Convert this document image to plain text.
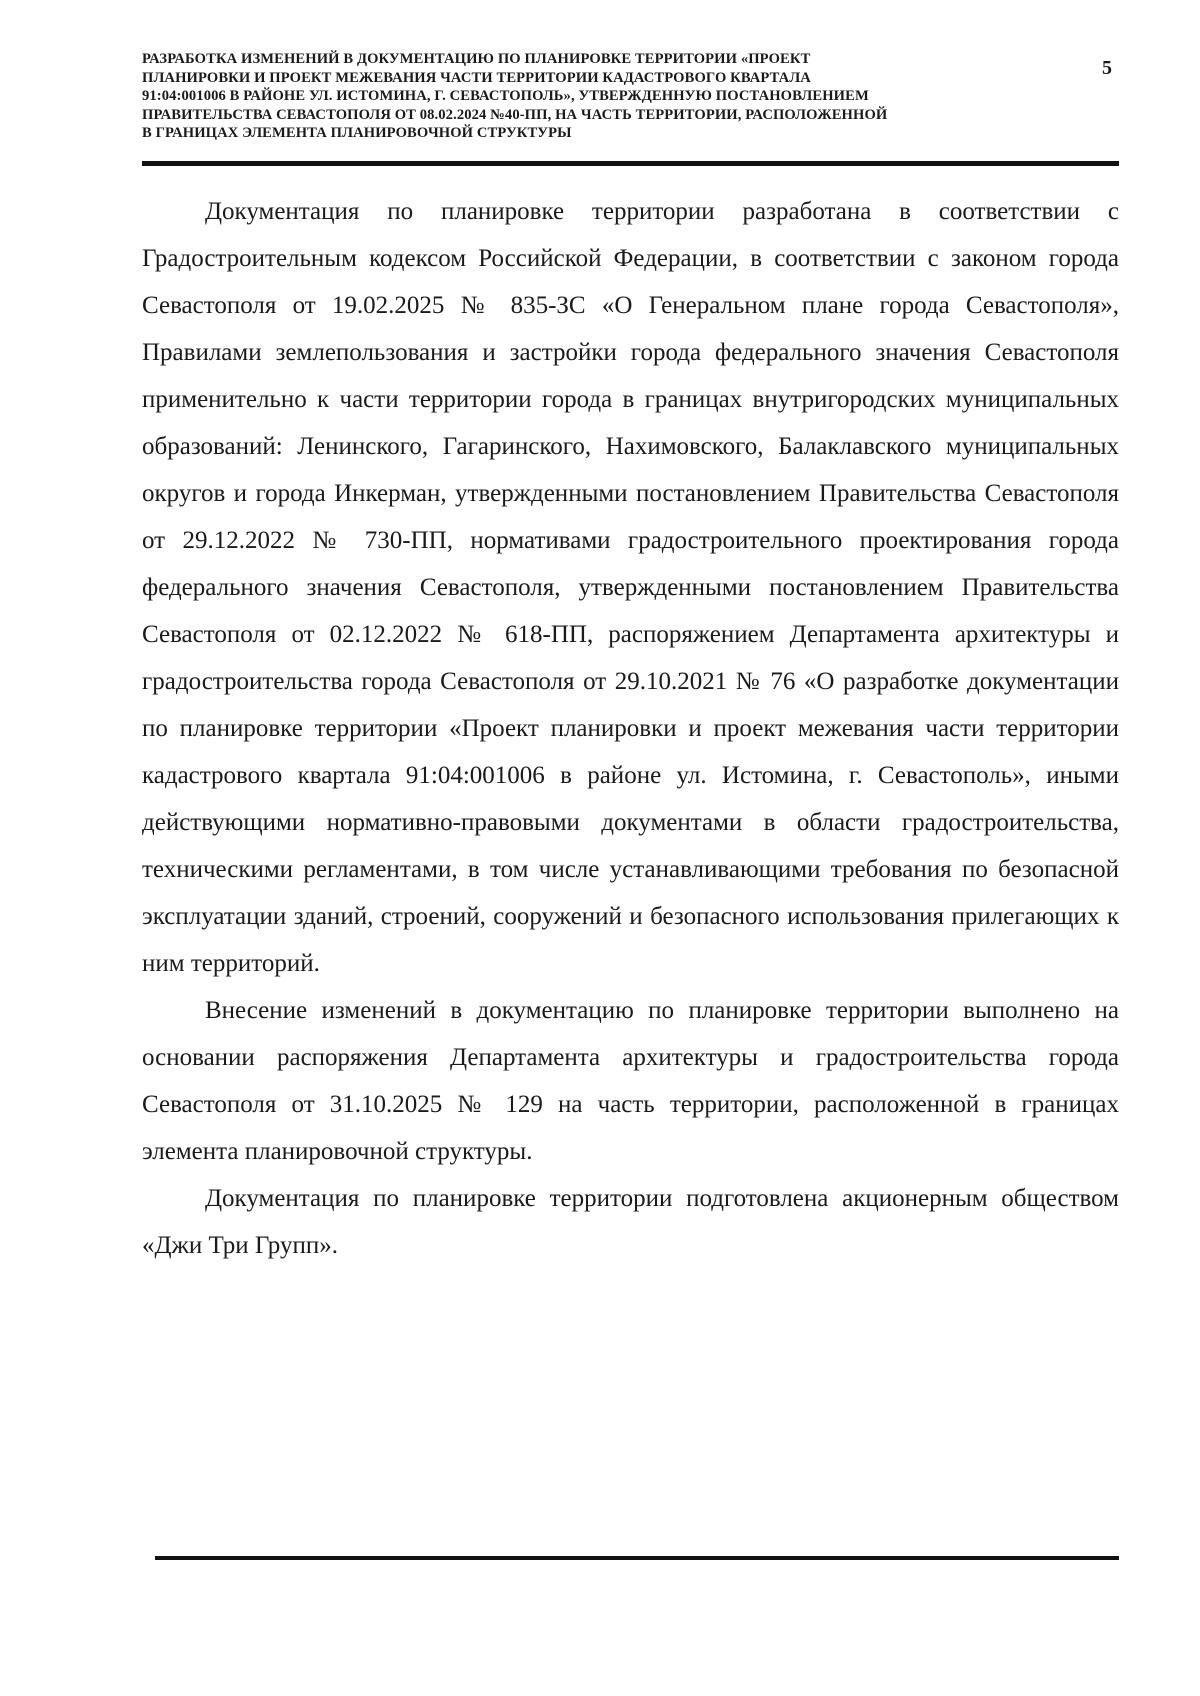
РАЗРАБОТКА ИЗМЕНЕНИЙ В ДОКУМЕНТАЦИЮ ПО ПЛАНИРОВКЕ ТЕРРИТОРИИ «ПРОЕКТ
ПЛАНИРОВКИ И ПРОЕКТ МЕЖЕВАНИЯ ЧАСТИ ТЕРРИТОРИИ КАДАСТРОВОГО КВАРТАЛА
91:04:001006 В РАЙОНЕ УЛ. ИСТОМИНА, Г. СЕВАСТОПОЛЬ», УТВЕРЖДЕННУЮ ПОСТАНОВЛЕНИЕМ
ПРАВИТЕЛЬСТВА СЕВАСТОПОЛЯ ОТ 08.02.2024 №40-ПП, НА ЧАСТЬ ТЕРРИТОРИИ, РАСПОЛОЖЕННОЙ
В ГРАНИЦАХ ЭЛЕМЕНТА ПЛАНИРОВОЧНОЙ СТРУКТУРЫ
5

Документация по планировке территории разработана в соответствии с Градостроительным кодексом Российской Федерации, в соответствии с законом города Севастополя от 19.02.2025 № 835-ЗС «О Генеральном плане города Севастополя», Правилами землепользования и застройки города федерального значения Севастополя применительно к части территории города в границах внутригородских муниципальных образований: Ленинского, Гагаринского, Нахимовского, Балаклавского муниципальных округов и города Инкерман, утвержденными постановлением Правительства Севастополя от 29.12.2022 № 730-ПП, нормативами градостроительного проектирования города федерального значения Севастополя, утвержденными постановлением Правительства Севастополя от 02.12.2022 № 618-ПП, распоряжением Департамента архитектуры и градостроительства города Севастополя от 29.10.2021 № 76 «О разработке документации по планировке территории «Проект планировки и проект межевания части территории кадастрового квартала 91:04:001006 в районе ул. Истомина, г. Севастополь», иными действующими нормативно-правовыми документами в области градостроительства, техническими регламентами, в том числе устанавливающими требования по безопасной эксплуатации зданий, строений, сооружений и безопасного использования прилегающих к ним территорий.

Внесение изменений в документацию по планировке территории выполнено на основании распоряжения Департамента архитектуры и градостроительства города Севастополя от 31.10.2025 № 129 на часть территории, расположенной в границах элемента планировочной структуры.

Документация по планировке территории подготовлена акционерным обществом «Джи Три Групп».
